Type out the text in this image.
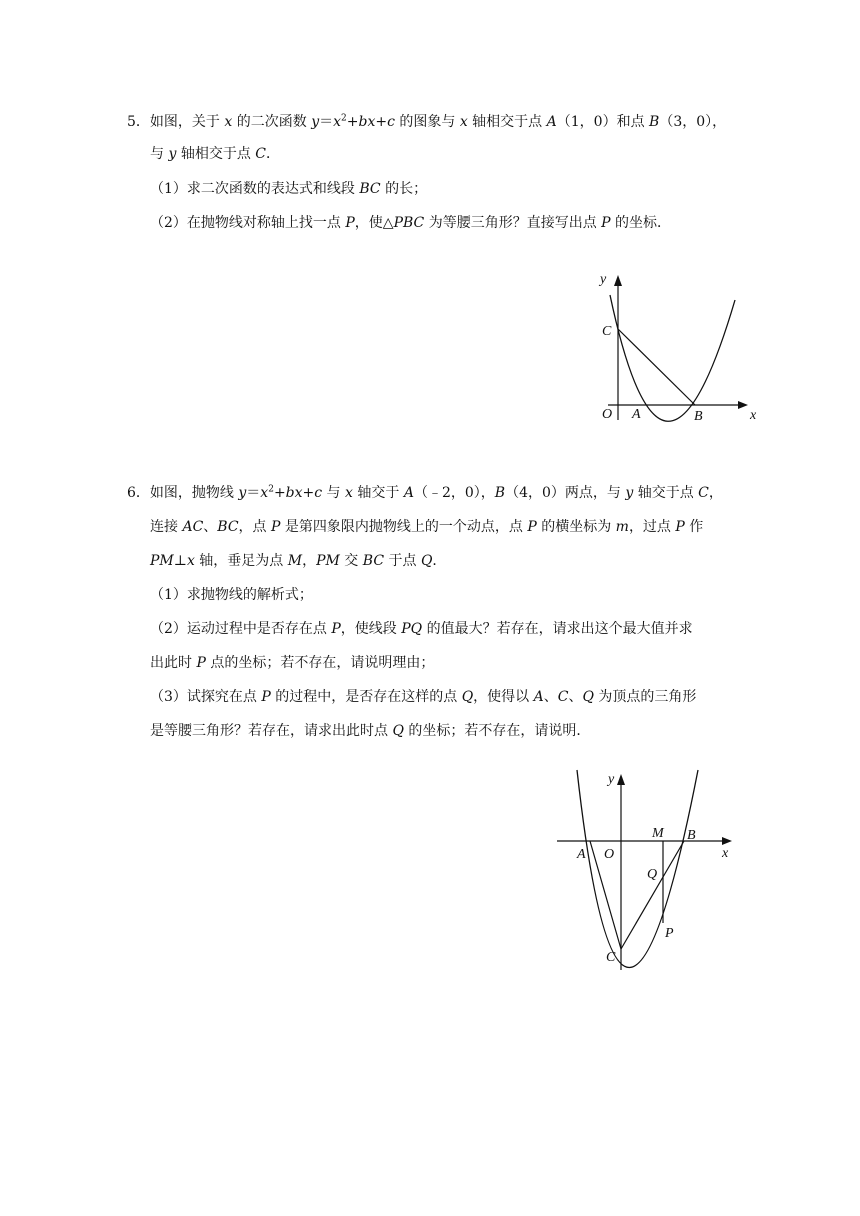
5．如图，关于 x 的二次函数 $y=x^2+bx+c$ 的图象与 x 轴相交于点 A（1，0）和点 B（3，0），
与 y 轴相交于点 C．
（1）求二次函数的表达式和线段 BC 的长；
（2）在抛物线对称轴上找一点 P，使△PBC 为等腰三角形？直接写出点 P 的坐标．
y
x
C
O A	B
6．如图，抛物线 $y=x^2+bx+c$ 与 x 轴交于 A（﹣2，0），B（4，0）两点，与 y 轴交于点 C，
连接 AC、BC，点 P 是第四象限内抛物线上的一个动点，点 P 的横坐标为 m，过点 P 作
PM⊥x 轴，垂足为点 M，PM 交 BC 于点 Q．
（1）求抛物线的解析式；
（2）运动过程中是否存在点 P，使线段 PQ 的值最大？若存在，请求出这个最大值并求
出此时 P 点的坐标；若不存在，请说明理由；
（3）试探究在点 P 的过程中，是否存在这样的点 Q，使得以 A、C、Q 为顶点的三角形
是等腰三角形？若存在，请求出此时点 Q 的坐标；若不存在，请说明．
y
x
M B
A O
Q
P
C
